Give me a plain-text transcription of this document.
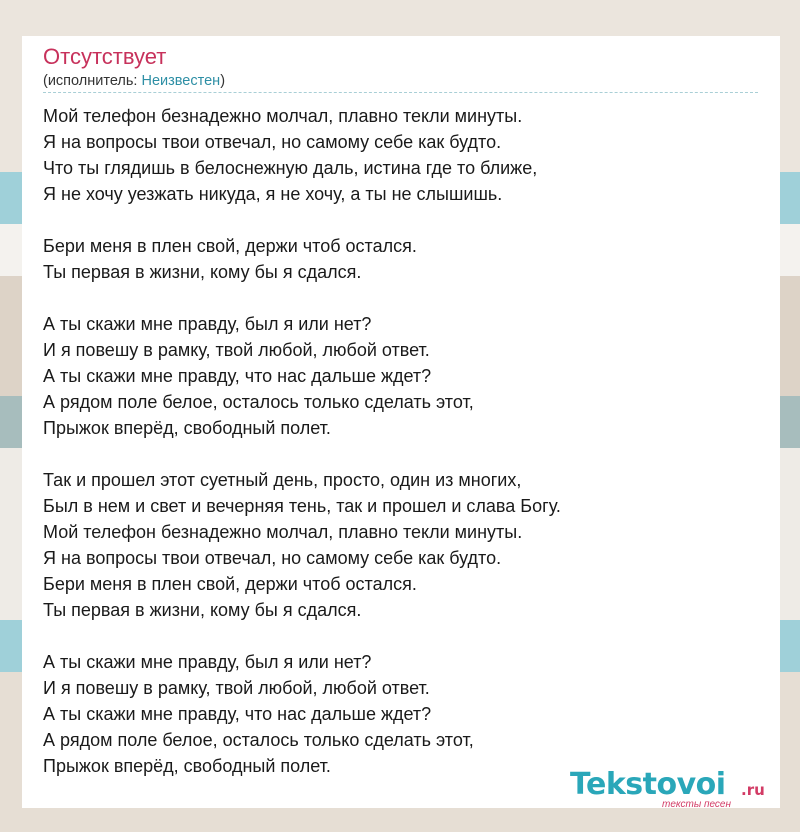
Отсутствует
(исполнитель: Неизвестен)
Мой телефон безнадежно молчал, плавно текли минуты.
Я на вопросы твои отвечал, но самому себе как будто.
Что ты глядишь в белоснежную даль, истина где то ближе,
Я не хочу уезжать никуда, я не хочу, а ты не слышишь.
Бери меня в плен свой, держи чтоб остался.
Ты первая в жизни, кому бы я сдался.
А ты скажи мне правду, был я или нет?
И я повешу в рамку, твой любой, любой ответ.
А ты скажи мне правду, что нас дальше ждет?
А рядом поле белое, осталось только сделать этот,
Прыжок вперёд, свободный полет.
Так и прошел этот суетный день, просто, один из многих,
Был в нем и свет и вечерняя тень, так и прошел и слава Богу.
Мой телефон безнадежно молчал, плавно текли минуты.
Я на вопросы твои отвечал, но самому себе как будто.
Бери меня в плен свой, держи чтоб остался.
Ты первая в жизни, кому бы я сдался.
А ты скажи мне правду, был я или нет?
И я повешу в рамку, твой любой, любой ответ.
А ты скажи мне правду, что нас дальше ждет?
А рядом поле белое, осталось только сделать этот,
Прыжок вперёд, свободный полет.
Tekstovoi .ru
тексты песен
